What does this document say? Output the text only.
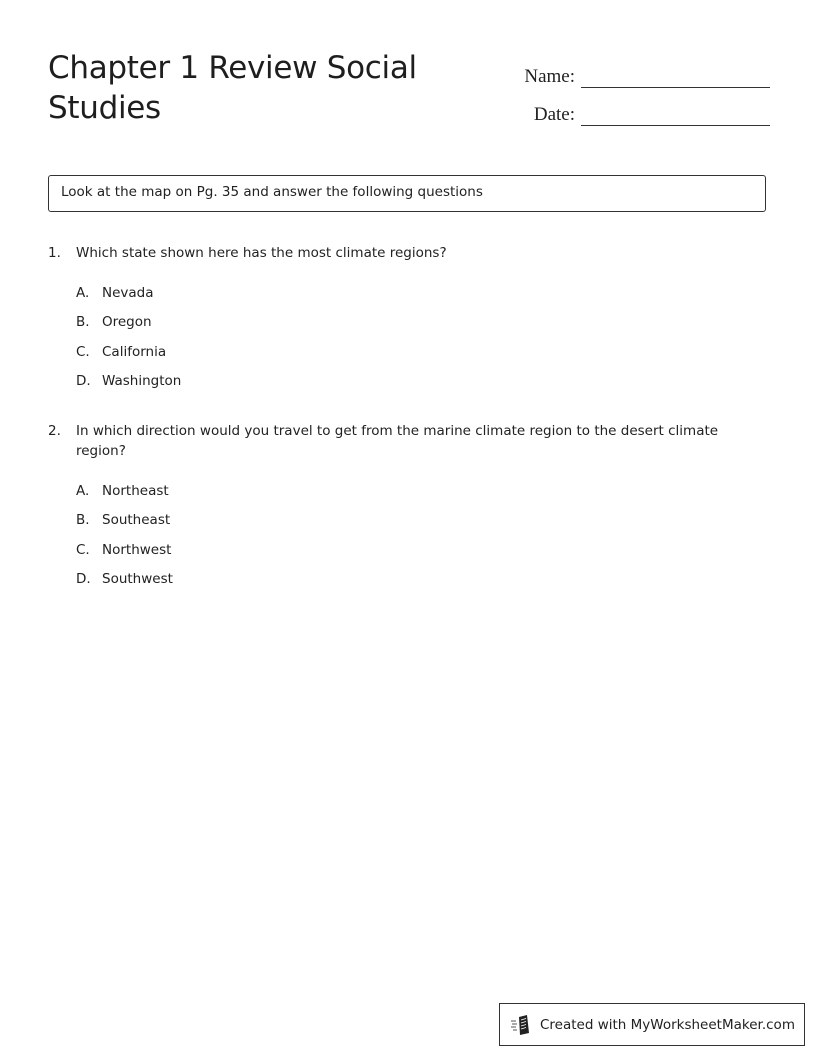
Chapter 1 Review Social Studies
Name:
Date:
Look at the map on Pg. 35 and answer the following questions
1.	Which state shown here has the most climate regions?
A. Nevada
B. Oregon
C. California
D. Washington
2.	In which direction would you travel to get from the marine climate region to the desert climate region?
A. Northeast
B. Southeast
C. Northwest
D. Southwest
Created with MyWorksheetMaker.com
